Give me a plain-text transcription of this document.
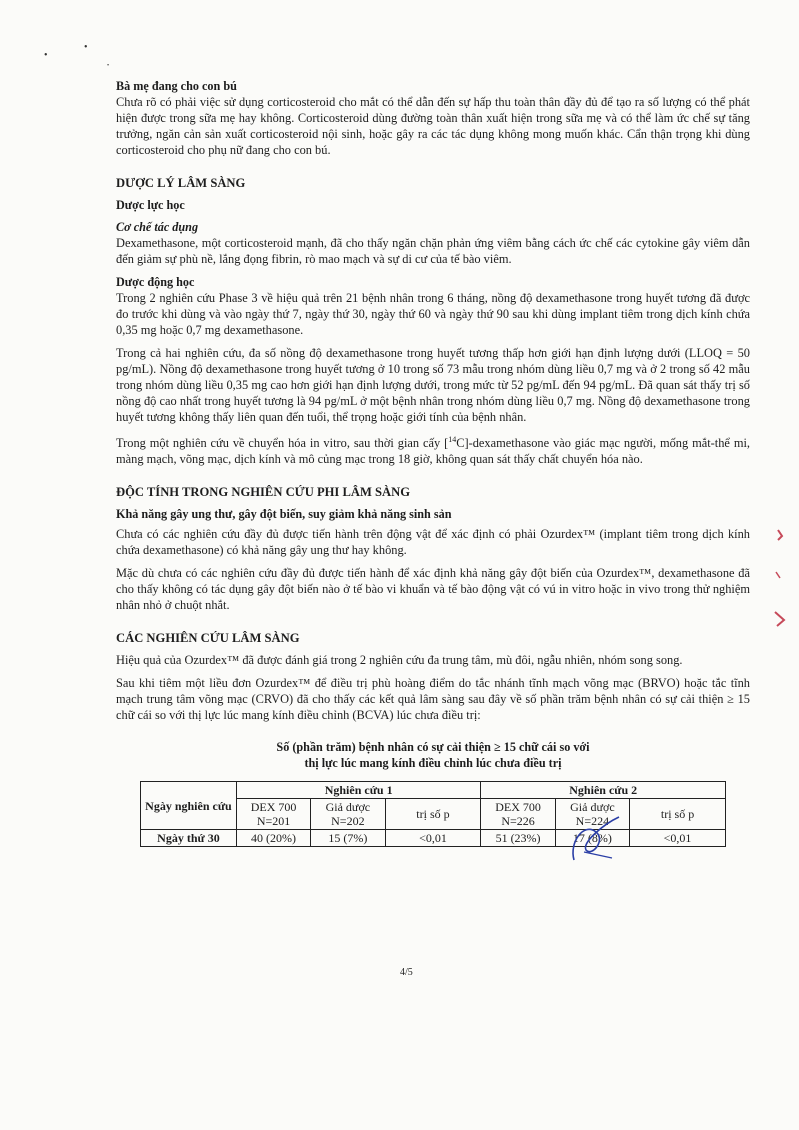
•
•
•
Bà mẹ đang cho con bú

Chưa rõ có phải việc sử dụng corticosteroid cho mắt có thể dẫn đến sự hấp thu toàn thân đầy đủ để tạo ra số lượng có thể phát hiện được trong sữa mẹ hay không. Corticosteroid dùng đường toàn thân xuất hiện trong sữa mẹ và có thể làm ức chế sự tăng trưởng, ngăn cản sản xuất corticosteroid nội sinh, hoặc gây ra các tác dụng không mong muốn khác. Cẩn thận trọng khi dùng corticosteroid cho phụ nữ đang cho con bú.

DƯỢC LÝ LÂM SÀNG
Dược lực học
Cơ chế tác dụng

Dexamethasone, một corticosteroid mạnh, đã cho thấy ngăn chặn phản ứng viêm bằng cách ức chế các cytokine gây viêm dẫn đến giảm sự phù nề, lắng đọng fibrin, rò mao mạch và sự di cư của tế bào viêm.

Dược động học

Trong 2 nghiên cứu Phase 3 về hiệu quả trên 21 bệnh nhân trong 6 tháng, nồng độ dexamethasone trong huyết tương đã được đo trước khi dùng và vào ngày thứ 7, ngày thứ 30, ngày thứ 60 và ngày thứ 90 sau khi dùng implant tiêm trong dịch kính chứa 0,35 mg hoặc 0,7 mg dexamethasone.

Trong cả hai nghiên cứu, đa số nồng độ dexamethasone trong huyết tương thấp hơn giới hạn định lượng dưới (LLOQ = 50 pg/mL). Nồng độ dexamethasone trong huyết tương ở 10 trong số 73 mẫu trong nhóm dùng liều 0,7 mg và ở 2 trong số 42 mẫu trong nhóm dùng liều 0,35 mg cao hơn giới hạn định lượng dưới, trong mức từ 52 pg/mL đến 94 pg/mL. Đã quan sát thấy trị số nồng độ cao nhất trong huyết tương là 94 pg/mL ở một bệnh nhân trong nhóm dùng liều 0,7 mg. Nồng độ dexamethasone trong huyết tương không thấy liên quan đến tuổi, thể trọng hoặc giới tính của bệnh nhân.

Trong một nghiên cứu về chuyển hóa in vitro, sau thời gian cấy [$^{14}$C]-dexamethasone vào giác mạc người, mống mắt-thể mi, màng mạch, võng mạc, dịch kính và mô củng mạc trong 18 giờ, không quan sát thấy chất chuyển hóa nào.

ĐỘC TÍNH TRONG NGHIÊN CỨU PHI LÂM SÀNG
Khả năng gây ung thư, gây đột biến, suy giảm khả năng sinh sản

Chưa có các nghiên cứu đầy đủ được tiến hành trên động vật để xác định có phải Ozurdex™ (implant tiêm trong dịch kính chứa dexamethasone) có khả năng gây ung thư hay không.

Mặc dù chưa có các nghiên cứu đầy đủ được tiến hành để xác định khả năng gây đột biến của Ozurdex™, dexamethasone đã cho thấy không có tác dụng gây đột biến nào ở tế bào vi khuẩn và tế bào động vật có vú in vitro hoặc in vivo trong thử nghiệm nhân nhỏ ở chuột nhắt.

CÁC NGHIÊN CỨU LÂM SÀNG

Hiệu quả của Ozurdex™ đã được đánh giá trong 2 nghiên cứu đa trung tâm, mù đôi, ngẫu nhiên, nhóm song song.

Sau khi tiêm một liều đơn Ozurdex™ để điều trị phù hoàng điểm do tắc nhánh tĩnh mạch võng mạc (BRVO) hoặc tắc tĩnh mạch trung tâm võng mạc (CRVO) đã cho thấy các kết quả lâm sàng sau đây về số phần trăm bệnh nhân có sự cải thiện ≥ 15 chữ cái so với thị lực lúc mang kính điều chỉnh (BCVA) lúc chưa điều trị:

Số (phần trăm) bệnh nhân có sự cải thiện ≥ 15 chữ cái so với
thị lực lúc mang kính điều chỉnh lúc chưa điều trị
Ngày nghiên cứu	Nghiên cứu 1			Nghiên cứu 2		
	DEX 700 N=201	Giả dược N=202	trị số p	DEX 700 N=226	Giả dược N=224	trị số p
Ngày thứ 30	40 (20%)	15 (7%)	<0,01	51 (23%)	17 (8%)	<0,01
4/5
